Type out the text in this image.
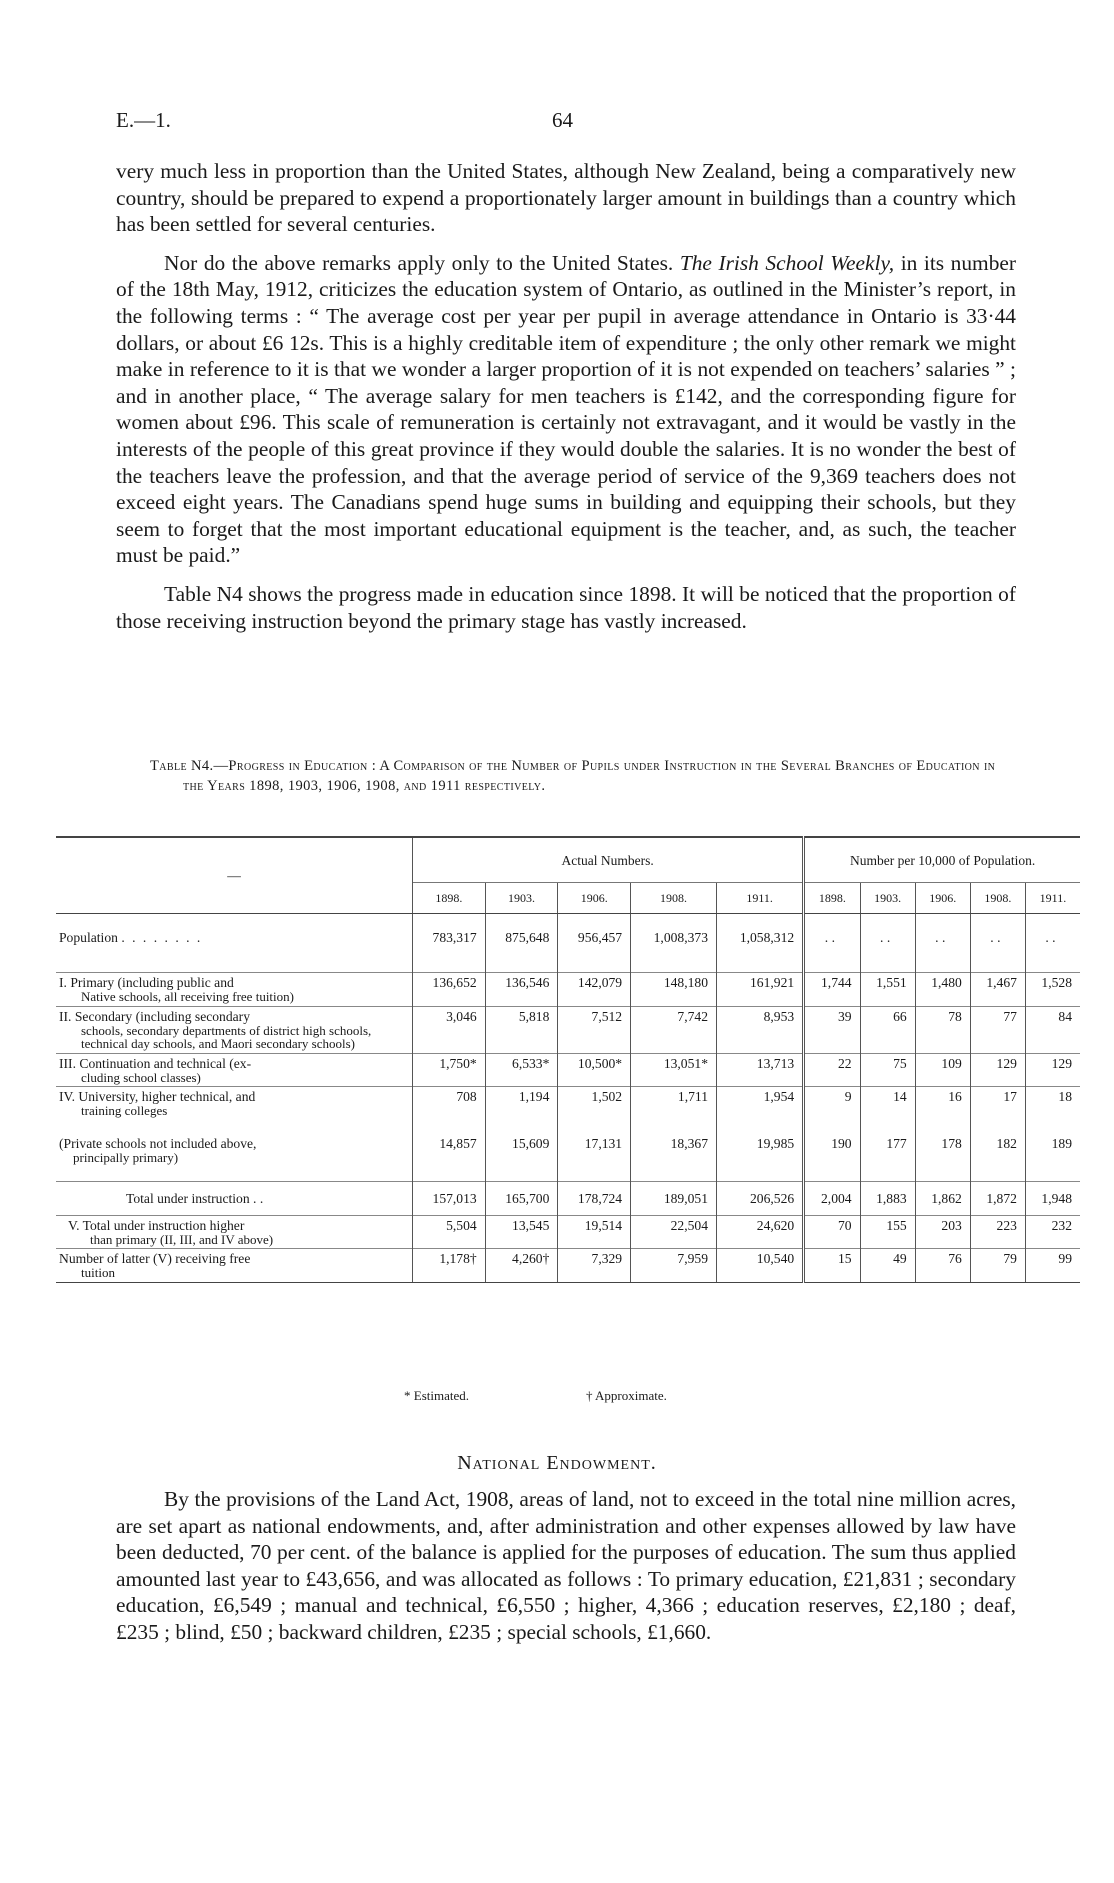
E.—1.	64

very much less in proportion than the United States, although New Zealand, being a comparatively new country, should be prepared to expend a proportionately larger amount in buildings than a country which has been settled for several centuries.

Nor do the above remarks apply only to the United States. The Irish School Weekly, in its number of the 18th May, 1912, criticizes the education system of Ontario, as outlined in the Minister’s report, in the following terms : “ The average cost per year per pupil in average attendance in Ontario is 33·44 dollars, or about £6 12s. This is a highly creditable item of expenditure ; the only other remark we might make in reference to it is that we wonder a larger proportion of it is not expended on teachers’ salaries ” ; and in another place, “ The average salary for men teachers is £142, and the corresponding figure for women about £96. This scale of remuneration is certainly not extravagant, and it would be vastly in the interests of the people of this great province if they would double the salaries. It is no wonder the best of the teachers leave the profession, and that the average period of service of the 9,369 teachers does not exceed eight years. The Canadians spend huge sums in building and equipping their schools, but they seem to forget that the most important educational equipment is the teacher, and, as such, the teacher must be paid.”

Table N4 shows the progress made in education since 1898. It will be noticed that the proportion of those receiving instruction beyond the primary stage has vastly increased.

Table N4.—Progress in Education : A Comparison of the Number of Pupils under Instruction in the Several Branches of Education in the Years 1898, 1903, 1906, 1908, and 1911 respectively.
—	Actual Numbers.					Number per 10,000 of Population.				
	1898.	1903.	1906.	1908.	1911.	1898.	1903.	1906.	1908.	1911.

Population . . . . . . . .	783,317	875,648	956,457	1,008,373	1,058,312	. .	. .	. .	. .	. .

I. Primary (including public and
Native schools, all receiving free tuition)	136,652	136,546	142,079	148,180	161,921	1,744	1,551	1,480	1,467	1,528
II. Secondary (including secondary
schools, secondary departments of district high schools, technical day schools, and Maori secondary schools)	3,046	5,818	7,512	7,742	8,953	39	66	78	77	84
III. Continuation and technical (ex-
cluding school classes)	1,750*	6,533*	10,500*	13,051*	13,713	22	75	109	129	129
IV. University, higher technical, and
training colleges	708	1,194	1,502	1,711	1,954	9	14	16	17	18

(Private schools not included above,
principally primary)	14,857	15,609	17,131	18,367	19,985	190	177	178	182	189

Total under instruction . .	157,013	165,700	178,724	189,051	206,526	2,004	1,883	1,862	1,872	1,948
V. Total under instruction higher
than primary (II, III, and IV above)	5,504	13,545	19,514	22,504	24,620	70	155	203	223	232
Number of latter (V) receiving free
tuition	1,178†	4,260†	7,329	7,959	10,540	15	49	76	79	99
* Estimated.	† Approximate.
National Endowment.

By the provisions of the Land Act, 1908, areas of land, not to exceed in the total nine million acres, are set apart as national endowments, and, after administration and other expenses allowed by law have been deducted, 70 per cent. of the balance is applied for the purposes of education. The sum thus applied amounted last year to £43,656, and was allocated as follows : To primary education, £21,831 ; secondary education, £6,549 ; manual and technical, £6,550 ; higher, 4,366 ; education reserves, £2,180 ; deaf, £235 ; blind, £50 ; backward children, £235 ; special schools, £1,660.
